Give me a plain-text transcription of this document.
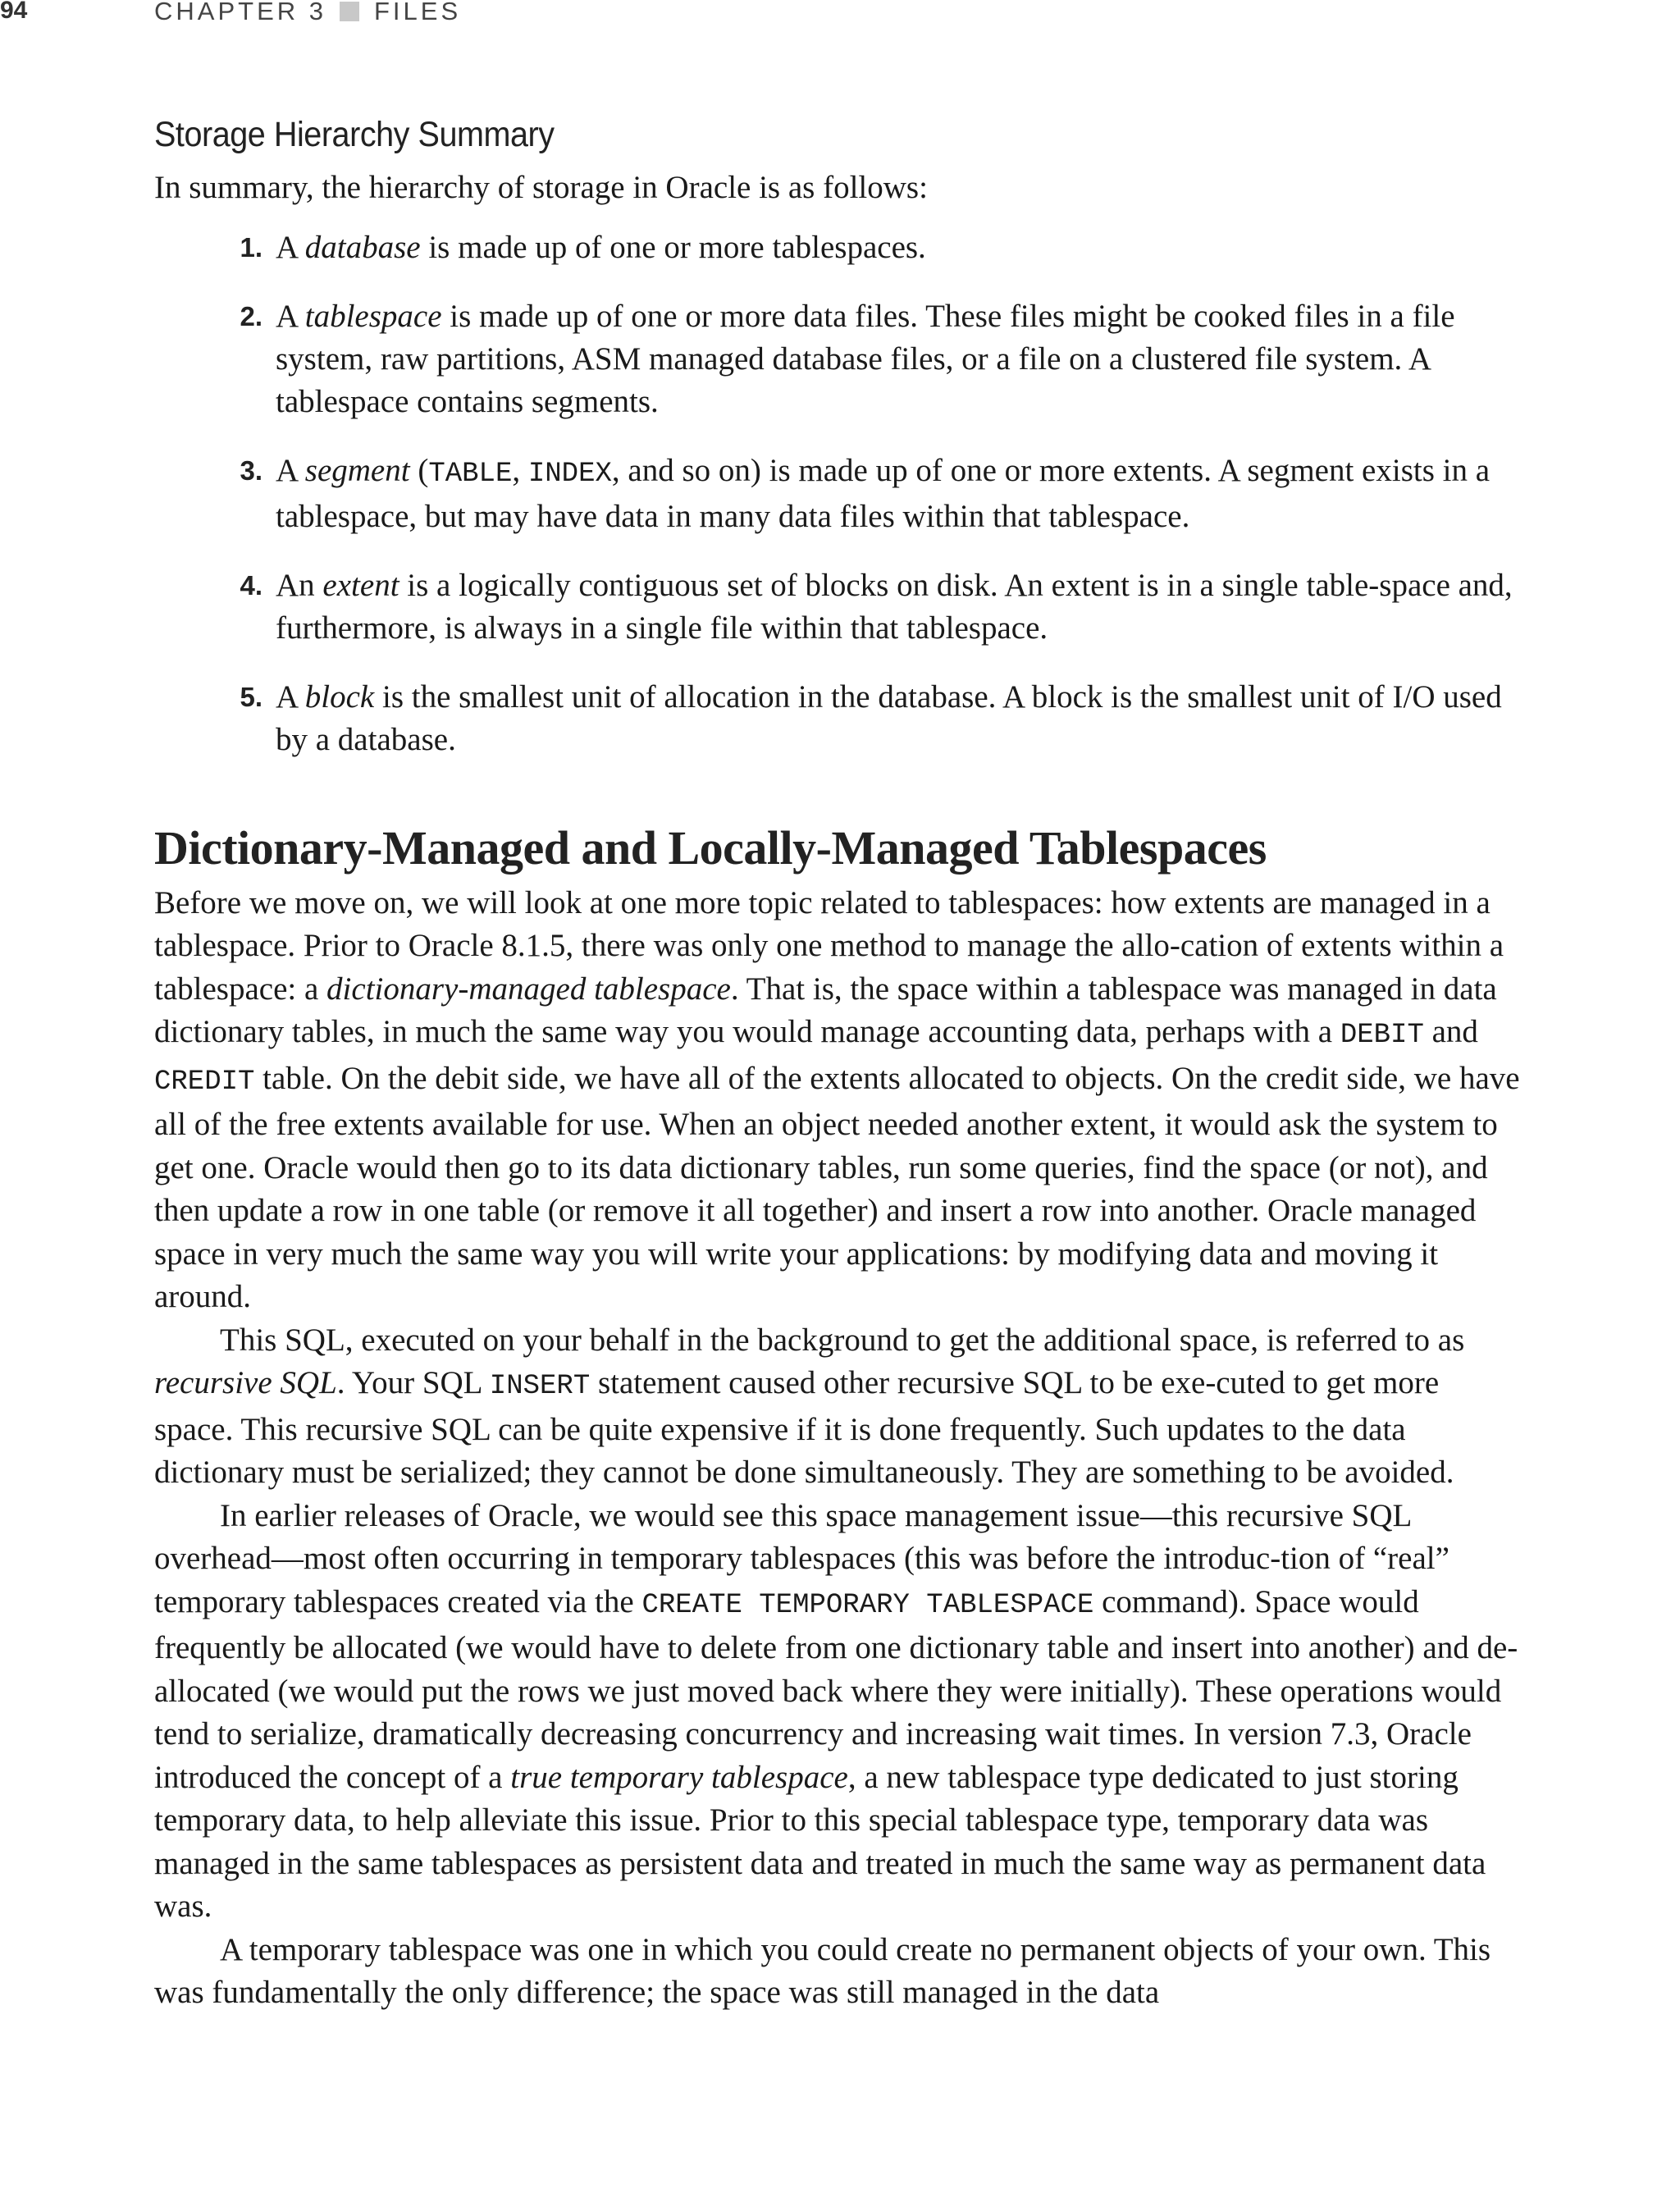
94	CHAPTER 3 FILES
Storage Hierarchy Summary

In summary, the hierarchy of storage in Oracle is as follows:

1. A database is made up of one or more tablespaces.
2. A tablespace is made up of one or more data files. These files might be cooked files in a file system, raw partitions, ASM managed database files, or a file on a clustered file system. A tablespace contains segments.
3. A segment (TABLE, INDEX, and so on) is made up of one or more extents. A segment exists in a tablespace, but may have data in many data files within that tablespace.
4. An extent is a logically contiguous set of blocks on disk. An extent is in a single table-space and, furthermore, is always in a single file within that tablespace.
5. A block is the smallest unit of allocation in the database. A block is the smallest unit of I/O used by a database.
Dictionary-Managed and Locally-Managed Tablespaces

Before we move on, we will look at one more topic related to tablespaces: how extents are managed in a tablespace. Prior to Oracle 8.1.5, there was only one method to manage the allo-cation of extents within a tablespace: a dictionary-managed tablespace. That is, the space within a tablespace was managed in data dictionary tables, in much the same way you would manage accounting data, perhaps with a DEBIT and CREDIT table. On the debit side, we have all of the extents allocated to objects. On the credit side, we have all of the free extents available for use. When an object needed another extent, it would ask the system to get one. Oracle would then go to its data dictionary tables, run some queries, find the space (or not), and then update a row in one table (or remove it all together) and insert a row into another. Oracle managed space in very much the same way you will write your applications: by modifying data and moving it around.

This SQL, executed on your behalf in the background to get the additional space, is referred to as recursive SQL. Your SQL INSERT statement caused other recursive SQL to be exe-cuted to get more space. This recursive SQL can be quite expensive if it is done frequently. Such updates to the data dictionary must be serialized; they cannot be done simultaneously. They are something to be avoided.

In earlier releases of Oracle, we would see this space management issue—this recursive SQL overhead—most often occurring in temporary tablespaces (this was before the introduc-tion of “real” temporary tablespaces created via the CREATE TEMPORARY TABLESPACE command). Space would frequently be allocated (we would have to delete from one dictionary table and insert into another) and de-allocated (we would put the rows we just moved back where they were initially). These operations would tend to serialize, dramatically decreasing concurrency and increasing wait times. In version 7.3, Oracle introduced the concept of a true temporary tablespace, a new tablespace type dedicated to just storing temporary data, to help alleviate this issue. Prior to this special tablespace type, temporary data was managed in the same tablespaces as persistent data and treated in much the same way as permanent data was.

A temporary tablespace was one in which you could create no permanent objects of your own. This was fundamentally the only difference; the space was still managed in the data
